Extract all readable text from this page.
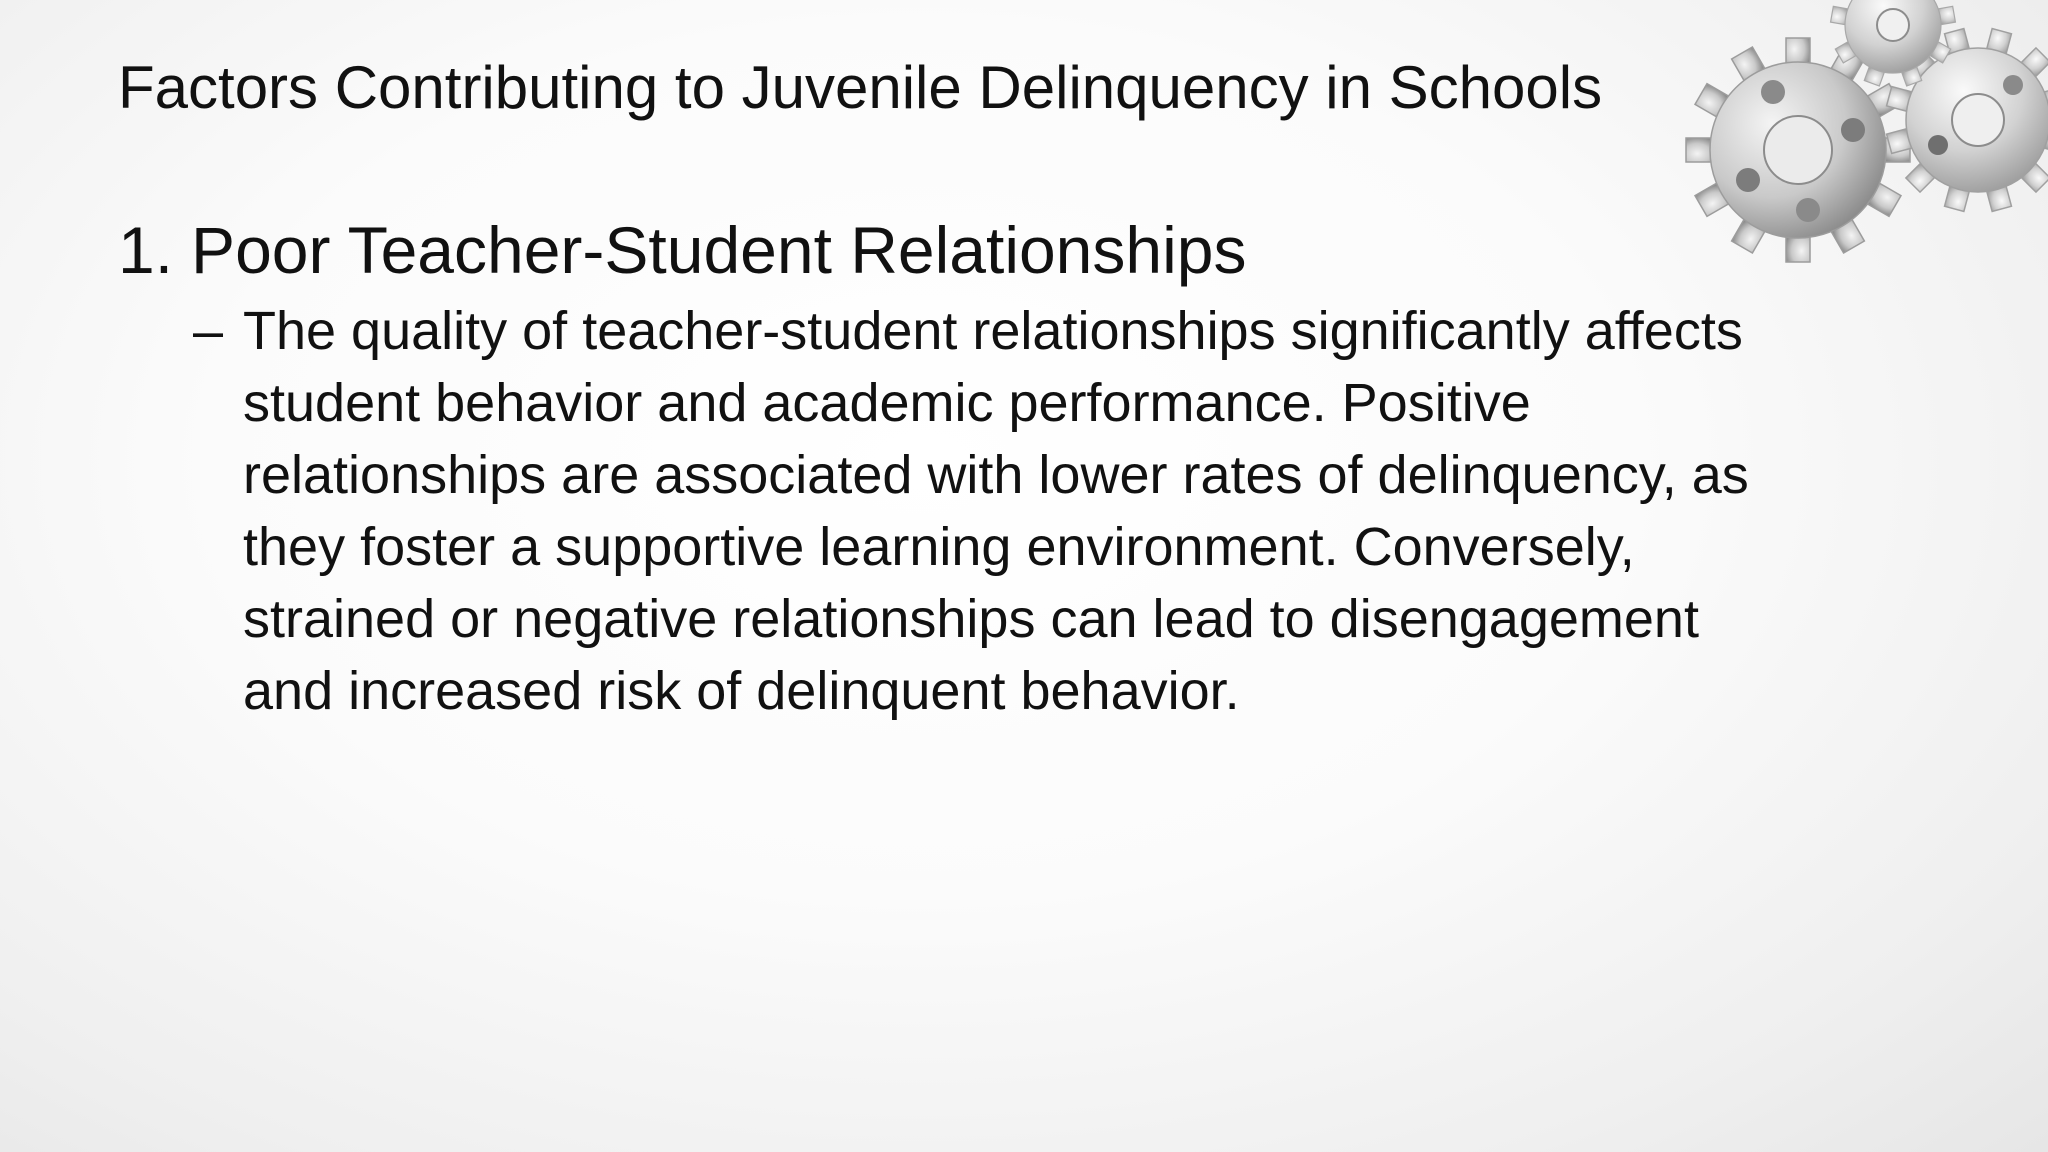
Factors Contributing to Juvenile Delinquency in Schools
1. Poor Teacher-Student Relationships
– The quality of teacher-student relationships significantly affects
student behavior and academic performance. Positive
relationships are associated with lower rates of delinquency, as
they foster a supportive learning environment. Conversely,
strained or negative relationships can lead to disengagement
and increased risk of delinquent behavior.
